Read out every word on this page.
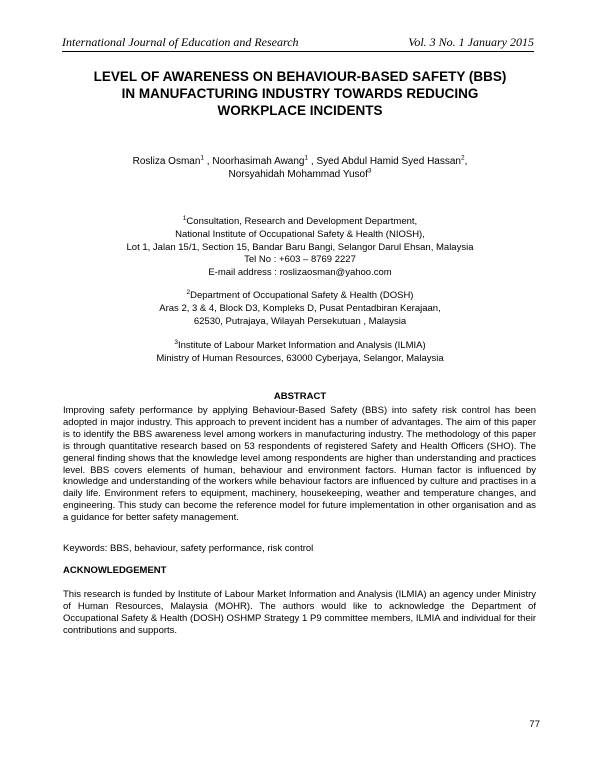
International Journal of Education and Research	Vol. 3 No. 1 January 2015
LEVEL OF AWARENESS ON BEHAVIOUR-BASED SAFETY (BBS)
IN MANUFACTURING INDUSTRY TOWARDS REDUCING
WORKPLACE INCIDENTS
Rosliza Osman$^1$ , Noorhasimah Awang$^1$ , Syed Abdul Hamid Syed Hassan$^2$,
Norsyahidah Mohammad Yusof$^3$
$^1$Consultation, Research and Development Department,
National Institute of Occupational Safety & Health (NIOSH),
Lot 1, Jalan 15/1, Section 15, Bandar Baru Bangi, Selangor Darul Ehsan, Malaysia
Tel No : +603 – 8769 2227
E-mail address : roslizaosman@yahoo.com
$^2$Department of Occupational Safety & Health (DOSH)
Aras 2, 3 & 4, Block D3, Kompleks D, Pusat Pentadbiran Kerajaan,
62530, Putrajaya, Wilayah Persekutuan , Malaysia
$^3$Institute of Labour Market Information and Analysis (ILMIA)
Ministry of Human Resources, 63000 Cyberjaya, Selangor, Malaysia
ABSTRACT
Improving safety performance by applying Behaviour-Based Safety (BBS) into safety risk control has been adopted in major industry. This approach to prevent incident has a number of advantages. The aim of this paper is to identify the BBS awareness level among workers in manufacturing industry. The methodology of this paper is through quantitative research based on 53 respondents of registered Safety and Health Officers (SHO). The general finding shows that the knowledge level among respondents are higher than understanding and practices level. BBS covers elements of human, behaviour and environment factors. Human factor is influenced by knowledge and understanding of the workers while behaviour factors are influenced by culture and practises in a daily life. Environment refers to equipment, machinery, housekeeping, weather and temperature changes, and engineering. This study can become the reference model for future implementation in other organisation and as a guidance for better safety management.
Keywords: BBS, behaviour, safety performance, risk control
ACKNOWLEDGEMENT
This research is funded by Institute of Labour Market Information and Analysis (ILMIA) an agency under Ministry of Human Resources, Malaysia (MOHR). The authors would like to acknowledge the Department of Occupational Safety & Health (DOSH) OSHMP Strategy 1 P9 committee members, ILMIA and individual for their contributions and supports.
77
